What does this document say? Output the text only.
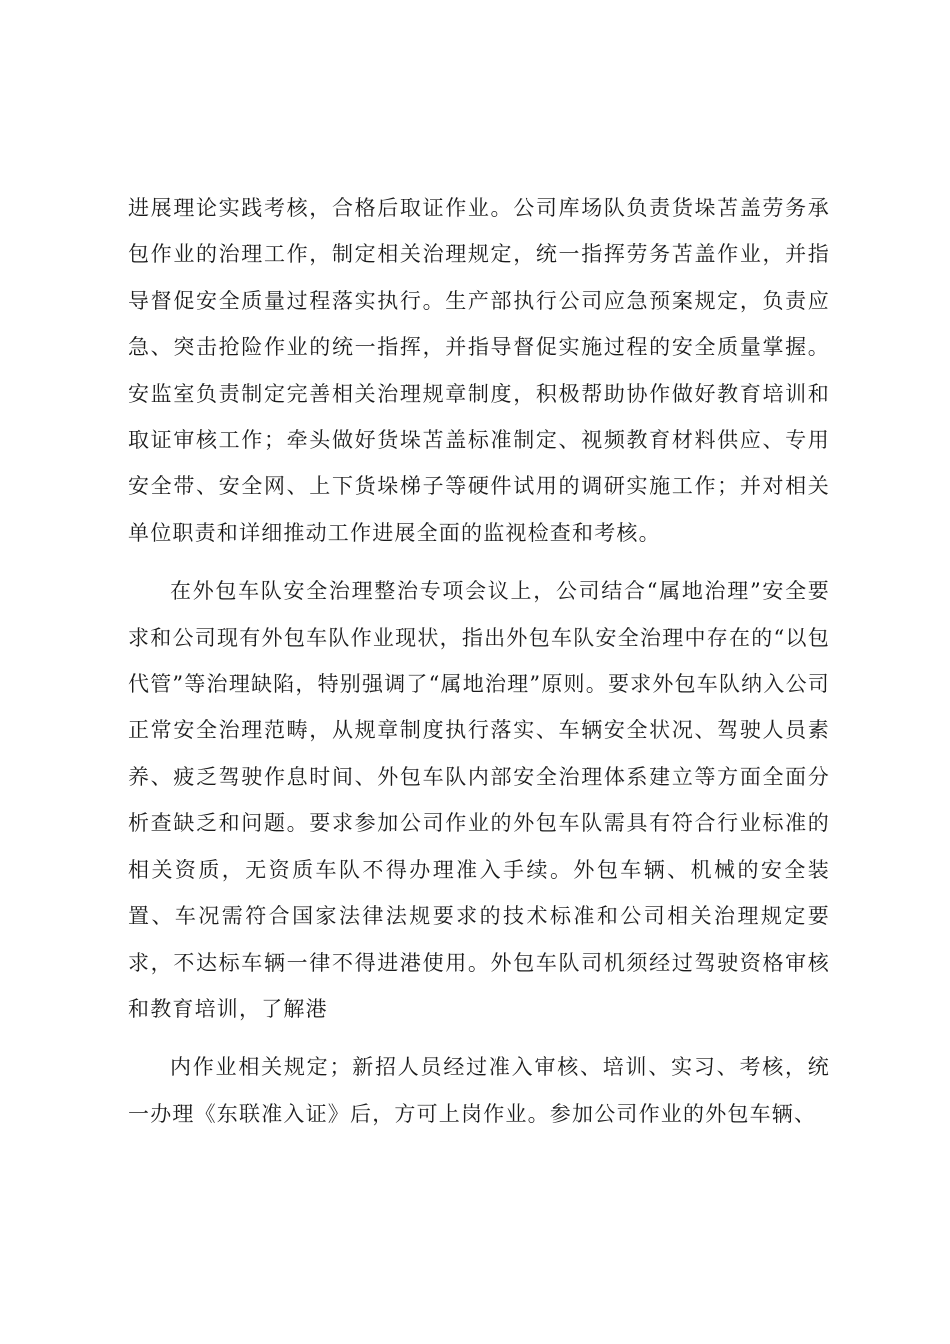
进展理论实践考核，合格后取证作业。公司库场队负责货垛苫盖劳务承包作业的治理工作，制定相关治理规定，统一指挥劳务苫盖作业，并指导督促安全质量过程落实执行。生产部执行公司应急预案规定，负责应急、突击抢险作业的统一指挥，并指导督促实施过程的安全质量掌握。安监室负责制定完善相关治理规章制度，积极帮助协作做好教育培训和取证审核工作；牵头做好货垛苫盖标准制定、视频教育材料供应、专用安全带、安全网、上下货垛梯子等硬件试用的调研实施工作；并对相关单位职责和详细推动工作进展全面的监视检查和考核。

在外包车队安全治理整治专项会议上，公司结合“属地治理”安全要求和公司现有外包车队作业现状，指出外包车队安全治理中存在的“以包代管”等治理缺陷，特别强调了“属地治理”原则。要求外包车队纳入公司正常安全治理范畴，从规章制度执行落实、车辆安全状况、驾驶人员素养、疲乏驾驶作息时间、外包车队内部安全治理体系建立等方面全面分析查缺乏和问题。要求参加公司作业的外包车队需具有符合行业标准的相关资质，无资质车队不得办理准入手续。外包车辆、机械的安全装置、车况需符合国家法律法规要求的技术标准和公司相关治理规定要求，不达标车辆一律不得进港使用。外包车队司机须经过驾驶资格审核和教育培训，了解港

内作业相关规定；新招人员经过准入审核、培训、实习、考核，统一办理《东联准入证》后，方可上岗作业。参加公司作业的外包车辆、
